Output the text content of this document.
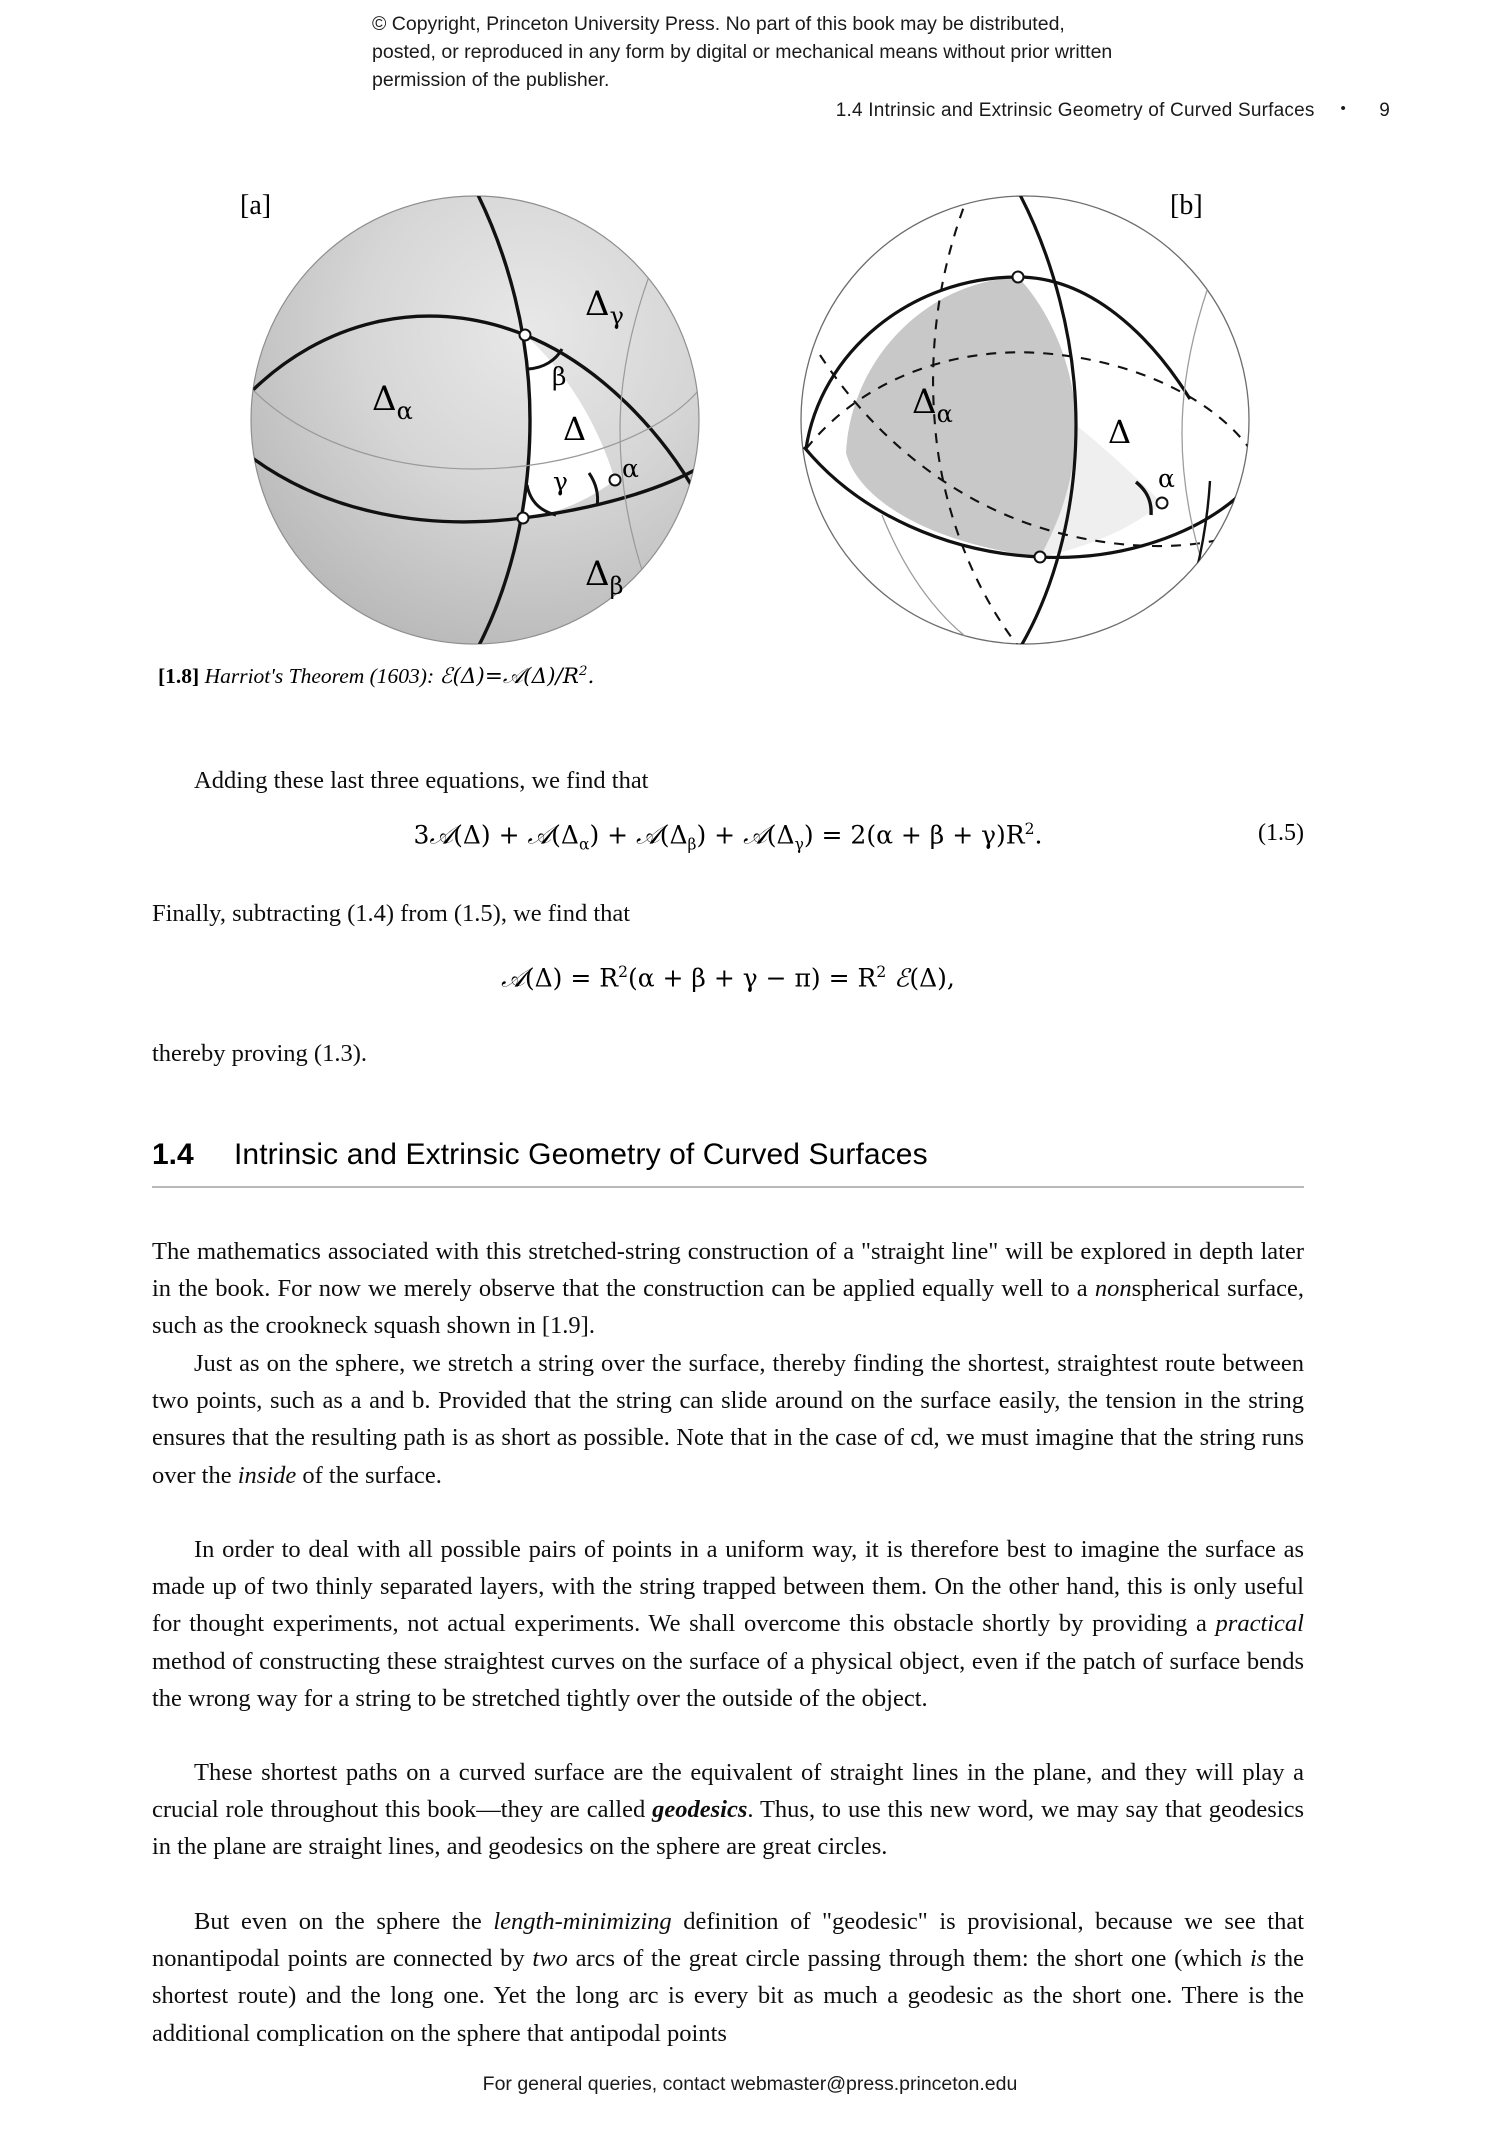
© Copyright, Princeton University Press. No part of this book may be distributed, posted, or reproduced in any form by digital or mechanical means without prior written permission of the publisher.
1.4 Intrinsic and Extrinsic Geometry of Curved Surfaces •	9
[a]	[b]
$\Delta_\alpha$
$\Delta_\gamma$
$\Delta_\beta$
Δ
β
γ α
$\Delta_\alpha$	Δ
α
[1.8] Harriot's Theorem (1603): $ℰ(\Delta)=𝒜(\Delta)/R^2$.

Adding these last three equations, we find that

3𝒜(Δ) + $𝒜(\Delta_\alpha)$ + $𝒜(\Delta_\beta)$ + $𝒜(\Delta_\gamma) = 2(\alpha + \beta + \gamma)R^2$.	(1.5)

Finally, subtracting (1.4) from (1.5), we find that

𝒜(Δ) = $R^2(\alpha + \beta + \gamma - \pi) = R^2$ ℰ(Δ),

thereby proving (1.3).

1.4 Intrinsic and Extrinsic Geometry of Curved Surfaces

The mathematics associated with this stretched-string construction of a "straight line" will be explored in depth later in the book. For now we merely observe that the construction can be applied equally well to a nonspherical surface, such as the crookneck squash shown in [1.9].

Just as on the sphere, we stretch a string over the surface, thereby finding the shortest, straightest route between two points, such as a and b. Provided that the string can slide around on the surface easily, the tension in the string ensures that the resulting path is as short as possible. Note that in the case of cd, we must imagine that the string runs over the inside of the surface.

In order to deal with all possible pairs of points in a uniform way, it is therefore best to imagine the surface as made up of two thinly separated layers, with the string trapped between them. On the other hand, this is only useful for thought experiments, not actual experiments. We shall overcome this obstacle shortly by providing a practical method of constructing these straightest curves on the surface of a physical object, even if the patch of surface bends the wrong way for a string to be stretched tightly over the outside of the object.

These shortest paths on a curved surface are the equivalent of straight lines in the plane, and they will play a crucial role throughout this book—they are called geodesics. Thus, to use this new word, we may say that geodesics in the plane are straight lines, and geodesics on the sphere are great circles.

But even on the sphere the length-minimizing definition of "geodesic" is provisional, because we see that nonantipodal points are connected by two arcs of the great circle passing through them: the short one (which is the shortest route) and the long one. Yet the long arc is every bit as much a geodesic as the short one. There is the additional complication on the sphere that antipodal points

For general queries, contact webmaster@press.princeton.edu
